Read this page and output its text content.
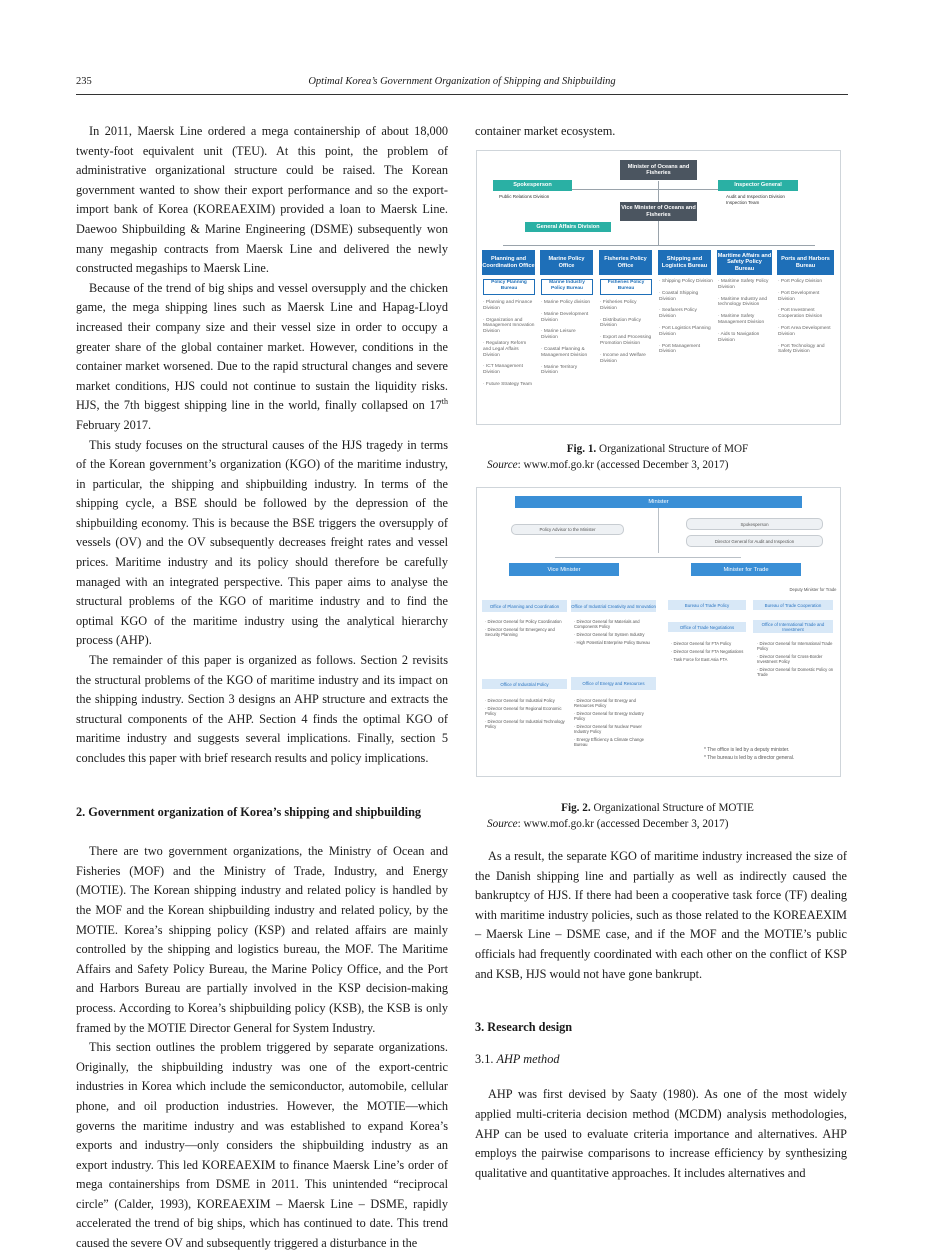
235	Optimal Korea’s Government Organization of Shipping and Shipbuilding

In 2011, Maersk Line ordered a mega containership of about 18,000 twenty-foot equivalent unit (TEU). At this point, the problem of administrative organizational structure could be raised. The Korean government wanted to show their export performance and so the export-import bank of Korea (KOREAEXIM) provided a loan to Maersk Line. Daewoo Shipbuilding & Marine Engineering (DSME) subsequently won many megaship contracts from Maersk Line and delivered the newly constructed megaships to Maersk Line.

Because of the trend of big ships and vessel oversupply and the chicken game, the mega shipping lines such as Maersk Line and Hapag-Lloyd increased their company size and their vessel size in order to occupy a greater share of the global container market. However, conditions in the container market worsened. Due to the rapid structural changes and severe market conditions, HJS could not continue to sustain the liquidity risks. HJS, the 7th biggest shipping line in the world, finally collapsed on 17th February 2017.

This study focuses on the structural causes of the HJS tragedy in terms of the Korean government’s organization (KGO) of the maritime industry, in particular, the shipping and shipbuilding industry. In terms of the shipping cycle, a BSE should be followed by the depression of the shipbuilding economy. This is because the BSE triggers the oversupply of vessels (OV) and the OV subsequently decreases freight rates and vessel prices. Maritime industry and its policy should therefore be carefully managed with an integrated perspective. This paper aims to analyse the structural problems of the KGO of maritime industry and to find the optimal KGO of the maritime industry using the analytical hierarchy process (AHP).

The remainder of this paper is organized as follows. Section 2 revisits the structural problems of the KGO of maritime industry and its impact on the shipping industry. Section 3 designs an AHP structure and extracts the structural components of the AHP. Section 4 finds the optimal KGO of maritime industry and suggests several implications. Finally, section 5 concludes this paper with brief research results and policy implications.

2. Government organization of Korea’s shipping and shipbuilding

There are two government organizations, the Ministry of Ocean and Fisheries (MOF) and the Ministry of Trade, Industry, and Energy (MOTIE). The Korean shipping industry and related policy is handled by the MOF and the Korean shipbuilding industry and related policy, by the MOTIE. Korea’s shipping policy (KSP) and related affairs are mainly controlled by the shipping and logistics bureau, the MOF. The Maritime Affairs and Safety Policy Bureau, the Marine Policy Office, and the Port and Harbors Bureau are partially involved in the KSP decision-making process. According to Korea’s shipbuilding policy (KSB), the KSB is only framed by the MOTIE Director General for System Industry.

This section outlines the problem triggered by separate organizations. Originally, the shipbuilding industry was one of the export-centric industries in Korea which include the semiconductor, automobile, cellular phone, and oil production industries. However, the MOTIE—which governs the maritime industry and was established to expand Korea’s exports and industry—only considers the shipbuilding industry as an export industry. This led KOREAEXIM to finance Maersk Line’s order of mega containerships from DSME in 2011. This unintended “reciprocal circle” (Calder, 1993), KOREAEXIM – Maersk Line – DSME, rapidly accelerated the trend of big ships, which has continued to date. This trend caused the severe OV and subsequently triggered a disturbance in the

container market ecosystem.

Minister of Oceans and Fisheries
Spokesperson
Public Relations Division
Inspector General
Audit and Inspection Division
Inspection Team
Vice Minister of Oceans and Fisheries
General Affairs Division
Planning and Coordination Office
Marine Policy Office
Fisheries Policy Office
Shipping and Logistics Bureau
Maritime Affairs and Safety Policy Bureau
Ports and Harbors Bureau
Policy Planning Bureau
Marine Industry Policy Bureau
Fisheries Policy Bureau
· Planning and Finance Division
· Organization and Management Innovation Division
· Regulatory Reform and Legal Affairs Division
· ICT Management Division
· Future Strategy Team
· Marine Policy division
· Marine Development Division
· Marine Leisure Division
· Coastal Planning & Management Division
· Marine Territory Division
· Fisheries Policy Division
· Distribution Policy Division
· Export and Processing Promotion Division
· Income and Welfare Division
· Shipping Policy Division
· Coastal Shipping Division
· Seafarers Policy Division
· Port Logistics Planning Division
· Port Management Division
· Maritime Safety Policy Division
· Maritime Industry and technology Division
· Maritime Safety Management Division
· Aids to Navigation Division
· Port Policy Division
· Port Development Division
· Port Investment Cooperation Division
· Port Area Development Division
· Port Technology and Safety Division
Fig. 1. Organizational Structure of MOF
Source: www.mof.go.kr (accessed December 3, 2017)
Minister
Policy Advisor to the Minister
Spokesperson
Director General for Audit and Inspection
Vice Minister	Minister for Trade
Deputy Minister for Trade
Office of Planning and Coordination	Office of Industrial Creativity and Innovation	Bureau of Trade Policy	Bureau of Trade Cooperation
Office of Trade Negotiations
Office of International Trade and Investment
· Director General for Policy Coordination
· Director General for Emergency and Security Planning
· Director General for Materials and Components Policy
· Director General for System Industry
· High Potential Enterprise Policy Bureau	· Director General for FTA Policy
· Director General for FTA Negotiations
· Task Force for East Asia FTA
· Director General for International Trade Policy
· Director General for Cross-Border Investment Policy
· Director General for Domestic Policy on Trade
Office of Industrial Policy	Office of Energy and Resources
· Director General for Industrial Policy
· Director General for Regional Economic Policy
· Director General for Industrial Technology Policy
· Director General for Energy and Resources Policy
· Director General for Energy Industry Policy
· Director General for Nuclear Power Industry Policy
· Energy Efficiency & Climate Change Bureau
* The office is led by a deputy minister.
* The bureau is led by a director general.
Fig. 2. Organizational Structure of MOTIE
Source: www.mof.go.kr (accessed December 3, 2017)

As a result, the separate KGO of maritime industry increased the size of the Danish shipping line and partially as well as indirectly caused the bankruptcy of HJS. If there had been a cooperative task force (TF) dealing with maritime industry policies, such as those related to the KOREAEXIM – Maersk Line – DSME case, and if the MOF and the MOTIE’s public officials had frequently coordinated with each other on the conflict of KSP and KSB, HJS would not have gone bankrupt.

3. Research design
3.1. AHP method

AHP was first devised by Saaty (1980). As one of the most widely applied multi-criteria decision method (MCDM) analysis methodologies, AHP can be used to evaluate criteria importance and alternatives. AHP employs the pairwise comparisons to increase efficiency by synthesizing qualitative and quantitative approaches. It includes alternatives and
